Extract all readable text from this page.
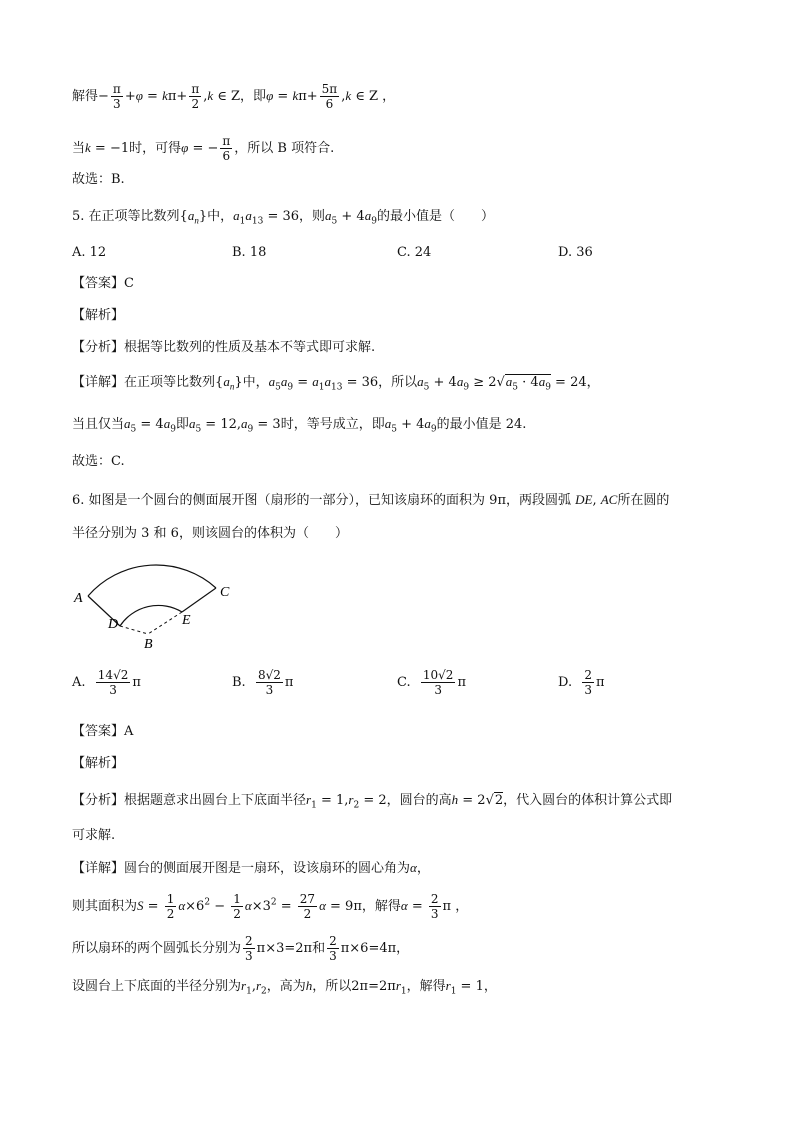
解得− $\frac{\pi}{3} +\varphi = k\pi+ \frac{\pi}{2} ,k$ ∈ Z，即$\varphi = k\pi+ \frac{5\pi}{6} ,k$ ∈ Z ，
当k = −1时，可得φ = − $\frac{\pi}{6}$ ，所以 B 项符合.
故选：B.
5. 在正项等比数列$\{a_n\}$中，$a_1a_{13} = 36$，则$a_5 + 4a_9$的最小值是（　　）
A. 12	B. 18	C. 24	D. 36
【答案】C
【解析】
【分析】根据等比数列的性质及基本不等式即可求解.
【详解】在正项等比数列$\{a_n\}$中，$a_5a_9 = a_1a_{13} = 36$，所以$a_5 + 4a_9 \ge 2√a_5 \cdot 4a_9 = 24$，
当且仅当$a_5 = 4a_9$即$a_5 = 12,a_9 = 3$时，等号成立，即$a_5 + 4a_9$的最小值是 24.
故选：C.
6. 如图是一个圆台的侧面展开图（扇形的一部分），已知该扇环的面积为 9π，两段圆弧 DE, AC所在圆的
半径分别为 3 和 6，则该圆台的体积为（　　）
A
B
C
D	E
A. $\frac{14√2}{3}$ π	B. $\frac{8√2}{3}$ π	C. $\frac{10√2}{3}$ π	D. $\frac{2}{3}$ π
【答案】A
【解析】
【分析】根据题意求出圆台上下底面半径$r_1 = 1,r_2 = 2$，圆台的高h = 2√2，代入圆台的体积计算公式即
可求解.
【详解】圆台的侧面展开图是一扇环，设该扇环的圆心角为α，
则其面积为$S = \frac{1}{2} \alpha\times 6^2 - \frac{1}{2} \alpha\times 3^2 = \frac{27}{2}$ α = 9π，解得$\alpha = \frac{2}{3}$ π ，
所以扇环的两个圆弧长分别为 $\frac{2}{3} \pi\times 3=2\pi$和 $\frac{2}{3} \pi\times 6=4\pi$，
设圆台上下底面的半径分别为$r_1,r_2$，高为h，所以$2\pi=2\pi r_1$，解得$r_1 = 1$，
